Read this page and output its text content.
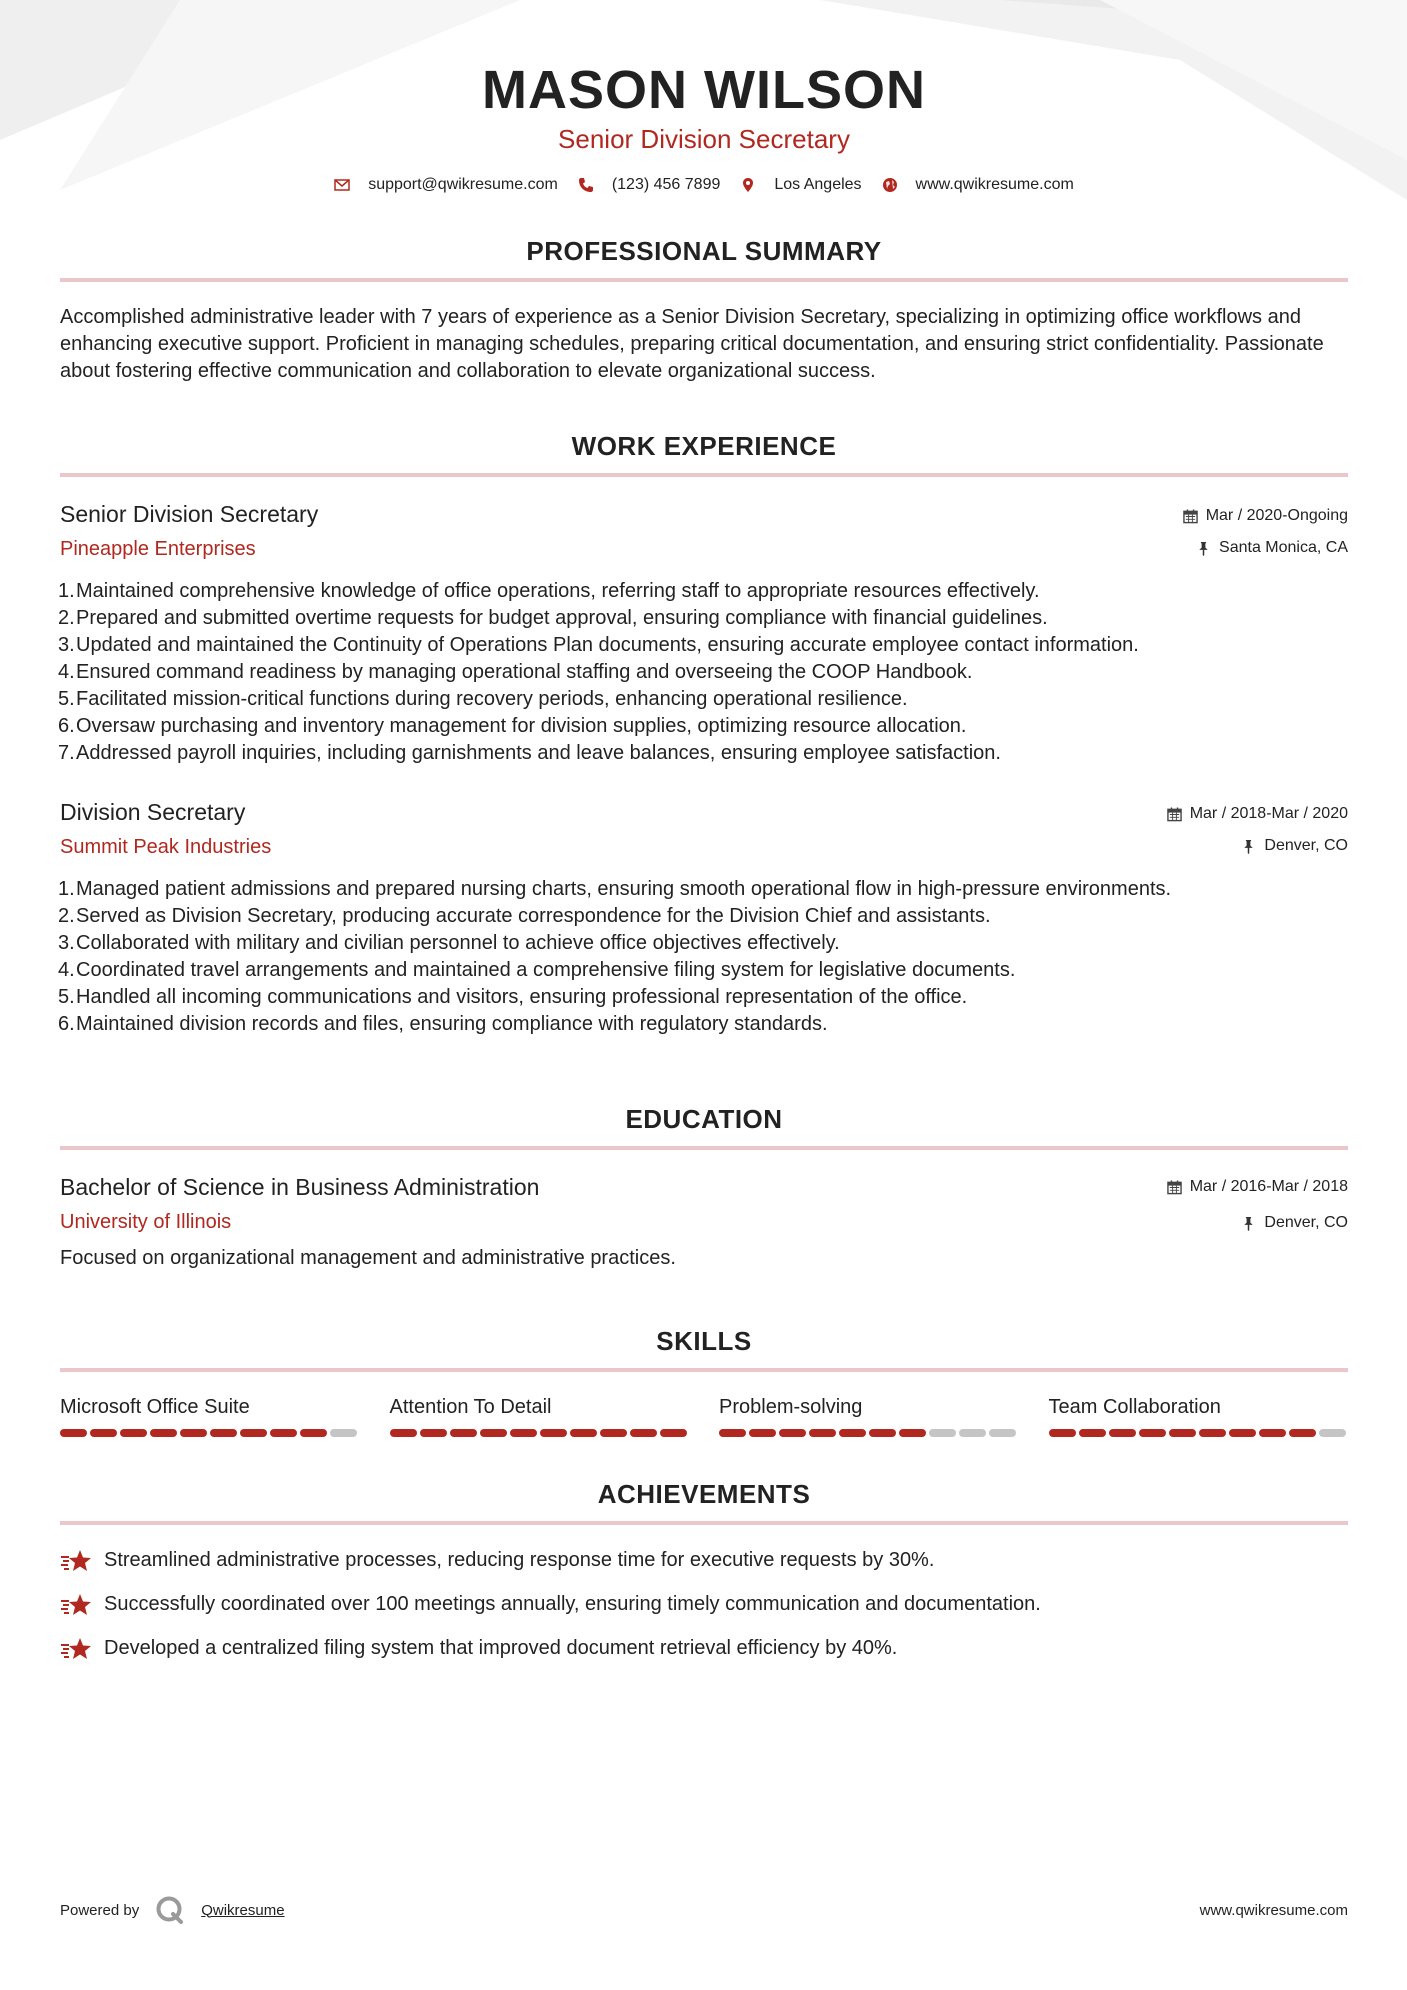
MASON WILSON
Senior Division Secretary
support@qwikresume.com	(123) 456 7899	Los Angeles	www.qwikresume.com
PROFESSIONAL SUMMARY

Accomplished administrative leader with 7 years of experience as a Senior Division Secretary, specializing in optimizing office workflows and enhancing executive support. Proficient in managing schedules, preparing critical documentation, and ensuring strict confidentiality. Passionate about fostering effective communication and collaboration to elevate organizational success.

WORK EXPERIENCE
Senior Division Secretary
Pineapple Enterprises
Mar / 2020-Ongoing
Santa Monica, CA
1. Maintained comprehensive knowledge of office operations, referring staff to appropriate resources effectively.
2. Prepared and submitted overtime requests for budget approval, ensuring compliance with financial guidelines.
3. Updated and maintained the Continuity of Operations Plan documents, ensuring accurate employee contact information.
4. Ensured command readiness by managing operational staffing and overseeing the COOP Handbook.
5. Facilitated mission-critical functions during recovery periods, enhancing operational resilience.
6. Oversaw purchasing and inventory management for division supplies, optimizing resource allocation.
7. Addressed payroll inquiries, including garnishments and leave balances, ensuring employee satisfaction.
Division Secretary
Summit Peak Industries
Mar / 2018-Mar / 2020
Denver, CO
1. Managed patient admissions and prepared nursing charts, ensuring smooth operational flow in high-pressure environments.
2. Served as Division Secretary, producing accurate correspondence for the Division Chief and assistants.
3. Collaborated with military and civilian personnel to achieve office objectives effectively.
4. Coordinated travel arrangements and maintained a comprehensive filing system for legislative documents.
5. Handled all incoming communications and visitors, ensuring professional representation of the office.
6. Maintained division records and files, ensuring compliance with regulatory standards.
EDUCATION
Bachelor of Science in Business Administration
University of Illinois
Mar / 2016-Mar / 2018
Denver, CO

Focused on organizational management and administrative practices.

SKILLS
Microsoft Office Suite	Attention To Detail	Problem-solving	Team Collaboration
ACHIEVEMENTS
Streamlined administrative processes, reducing response time for executive requests by 30%.
Successfully coordinated over 100 meetings annually, ensuring timely communication and documentation.
Developed a centralized filing system that improved document retrieval efficiency by 40%.
Powered by	Qwikresume	www.qwikresume.com
